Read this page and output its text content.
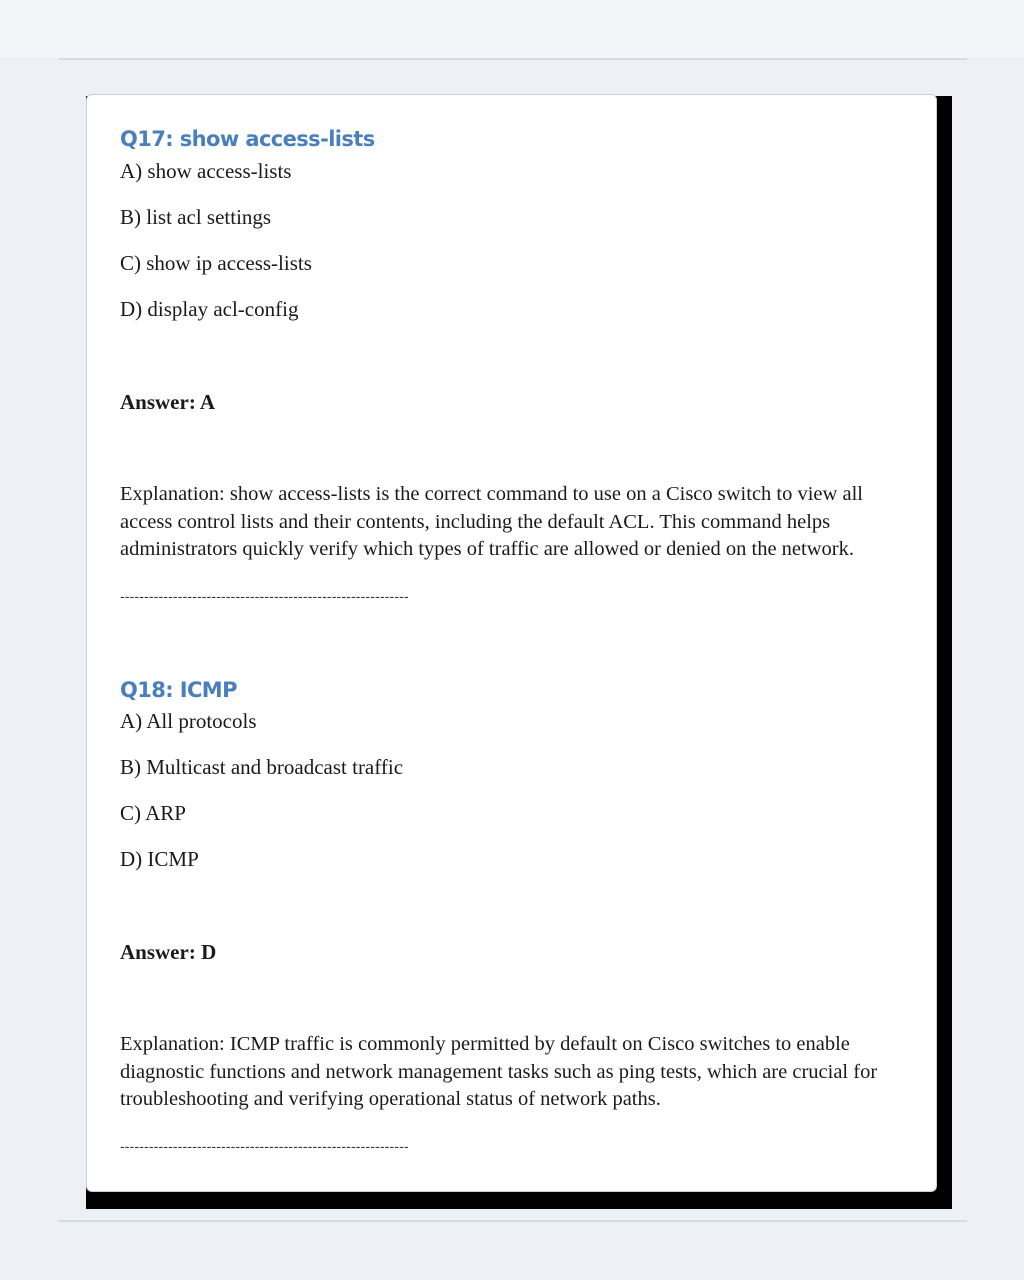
Q17: show access-lists

A) show access-lists

B) list acl settings

C) show ip access-lists

D) display acl-config

Answer: A

Explanation: show access-lists is the correct command to use on a Cisco switch to view all access control lists and their contents, including the default ACL. This command helps administrators quickly verify which types of traffic are allowed or denied on the network.

------------------------------------------------------------

Q18: ICMP

A) All protocols

B) Multicast and broadcast traffic

C) ARP

D) ICMP

Answer: D

Explanation: ICMP traffic is commonly permitted by default on Cisco switches to enable diagnostic functions and network management tasks such as ping tests, which are crucial for troubleshooting and verifying operational status of network paths.

------------------------------------------------------------
